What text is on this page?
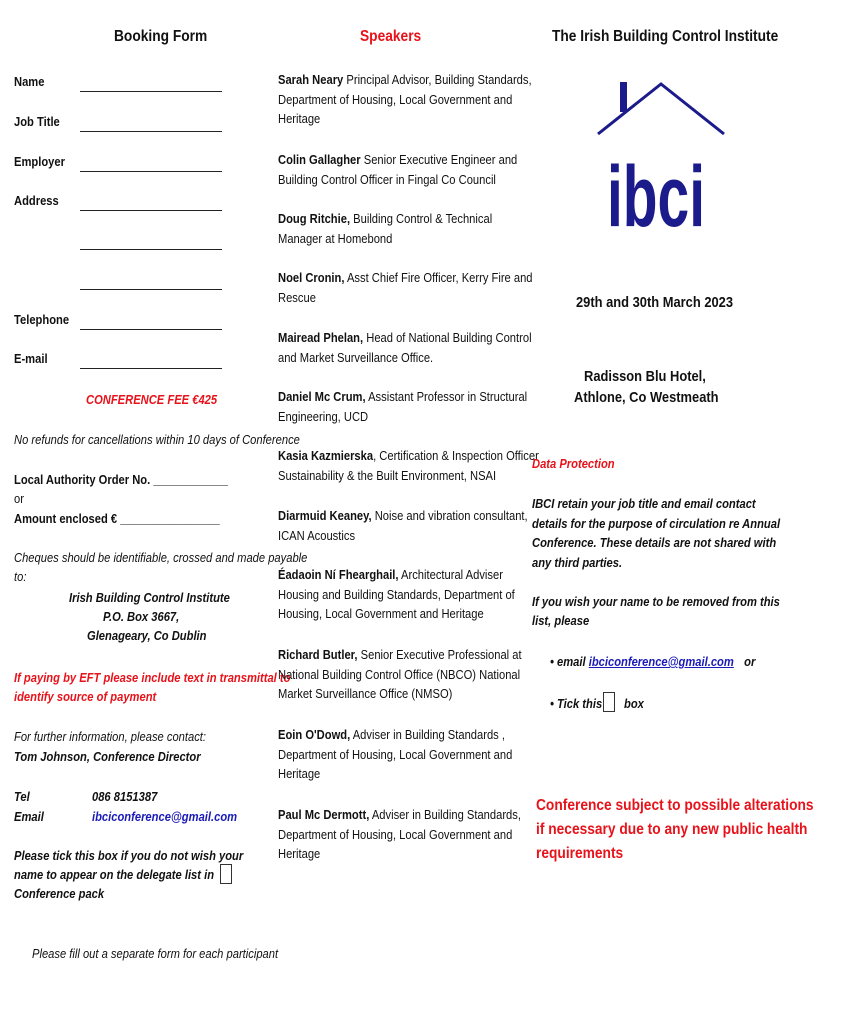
Booking Form
Name
Job Title
Employer
Address
Telephone
E-mail
CONFERENCE FEE €425
No refunds for cancellations within 10 days of Conference
Local Authority Order No. ____________
or
Amount enclosed € ________________
Cheques should be identifiable, crossed and made payable
to:
Irish Building Control Institute
P.O. Box 3667,
Glenageary, Co Dublin
If paying by EFT please include text in transmittal to
identify source of payment
For further information, please contact:
Tom Johnson, Conference Director
Tel	086 8151387
Email	ibciconference@gmail.com
Please tick this box if you do not wish your
name to appear on the delegate list in
Conference pack
Please fill out a separate form for each participant
Speakers
Sarah Neary Principal Advisor, Building Standards,
Department of Housing, Local Government and
Heritage
Colin Gallagher Senior Executive Engineer and
Building Control Officer in Fingal Co Council
Doug Ritchie, Building Control & Technical
Manager at Homebond
Noel Cronin, Asst Chief Fire Officer, Kerry Fire and
Rescue
Mairead Phelan, Head of National Building Control
and Market Surveillance Office.
Daniel Mc Crum, Assistant Professor in Structural
Engineering, UCD
Kasia Kazmierska, Certification & Inspection Officer
Sustainability & the Built Environment, NSAI
Diarmuid Keaney, Noise and vibration consultant,
ICAN Acoustics
Éadaoin Ní Fhearghail, Architectural Adviser
Housing and Building Standards, Department of
Housing, Local Government and Heritage
Richard Butler, Senior Executive Professional at
National Building Control Office (NBCO) National
Market Surveillance Office (NMSO)
Eoin O'Dowd, Adviser in Building Standards ,
Department of Housing, Local Government and
Heritage
Paul Mc Dermott, Adviser in Building Standards,
Department of Housing, Local Government and
Heritage
The Irish Building Control Institute
ibci
29th and 30th March 2023
Radisson Blu Hotel,
Athlone, Co Westmeath
Data Protection
IBCI retain your job title and email contact
details for the purpose of circulation re Annual
Conference. These details are not shared with
any third parties.
If you wish your name to be removed from this
list, please
• email ibciconference@gmail.com or
• Tick this	box
Conference subject to possible alterations
if necessary due to any new public health
requirements
